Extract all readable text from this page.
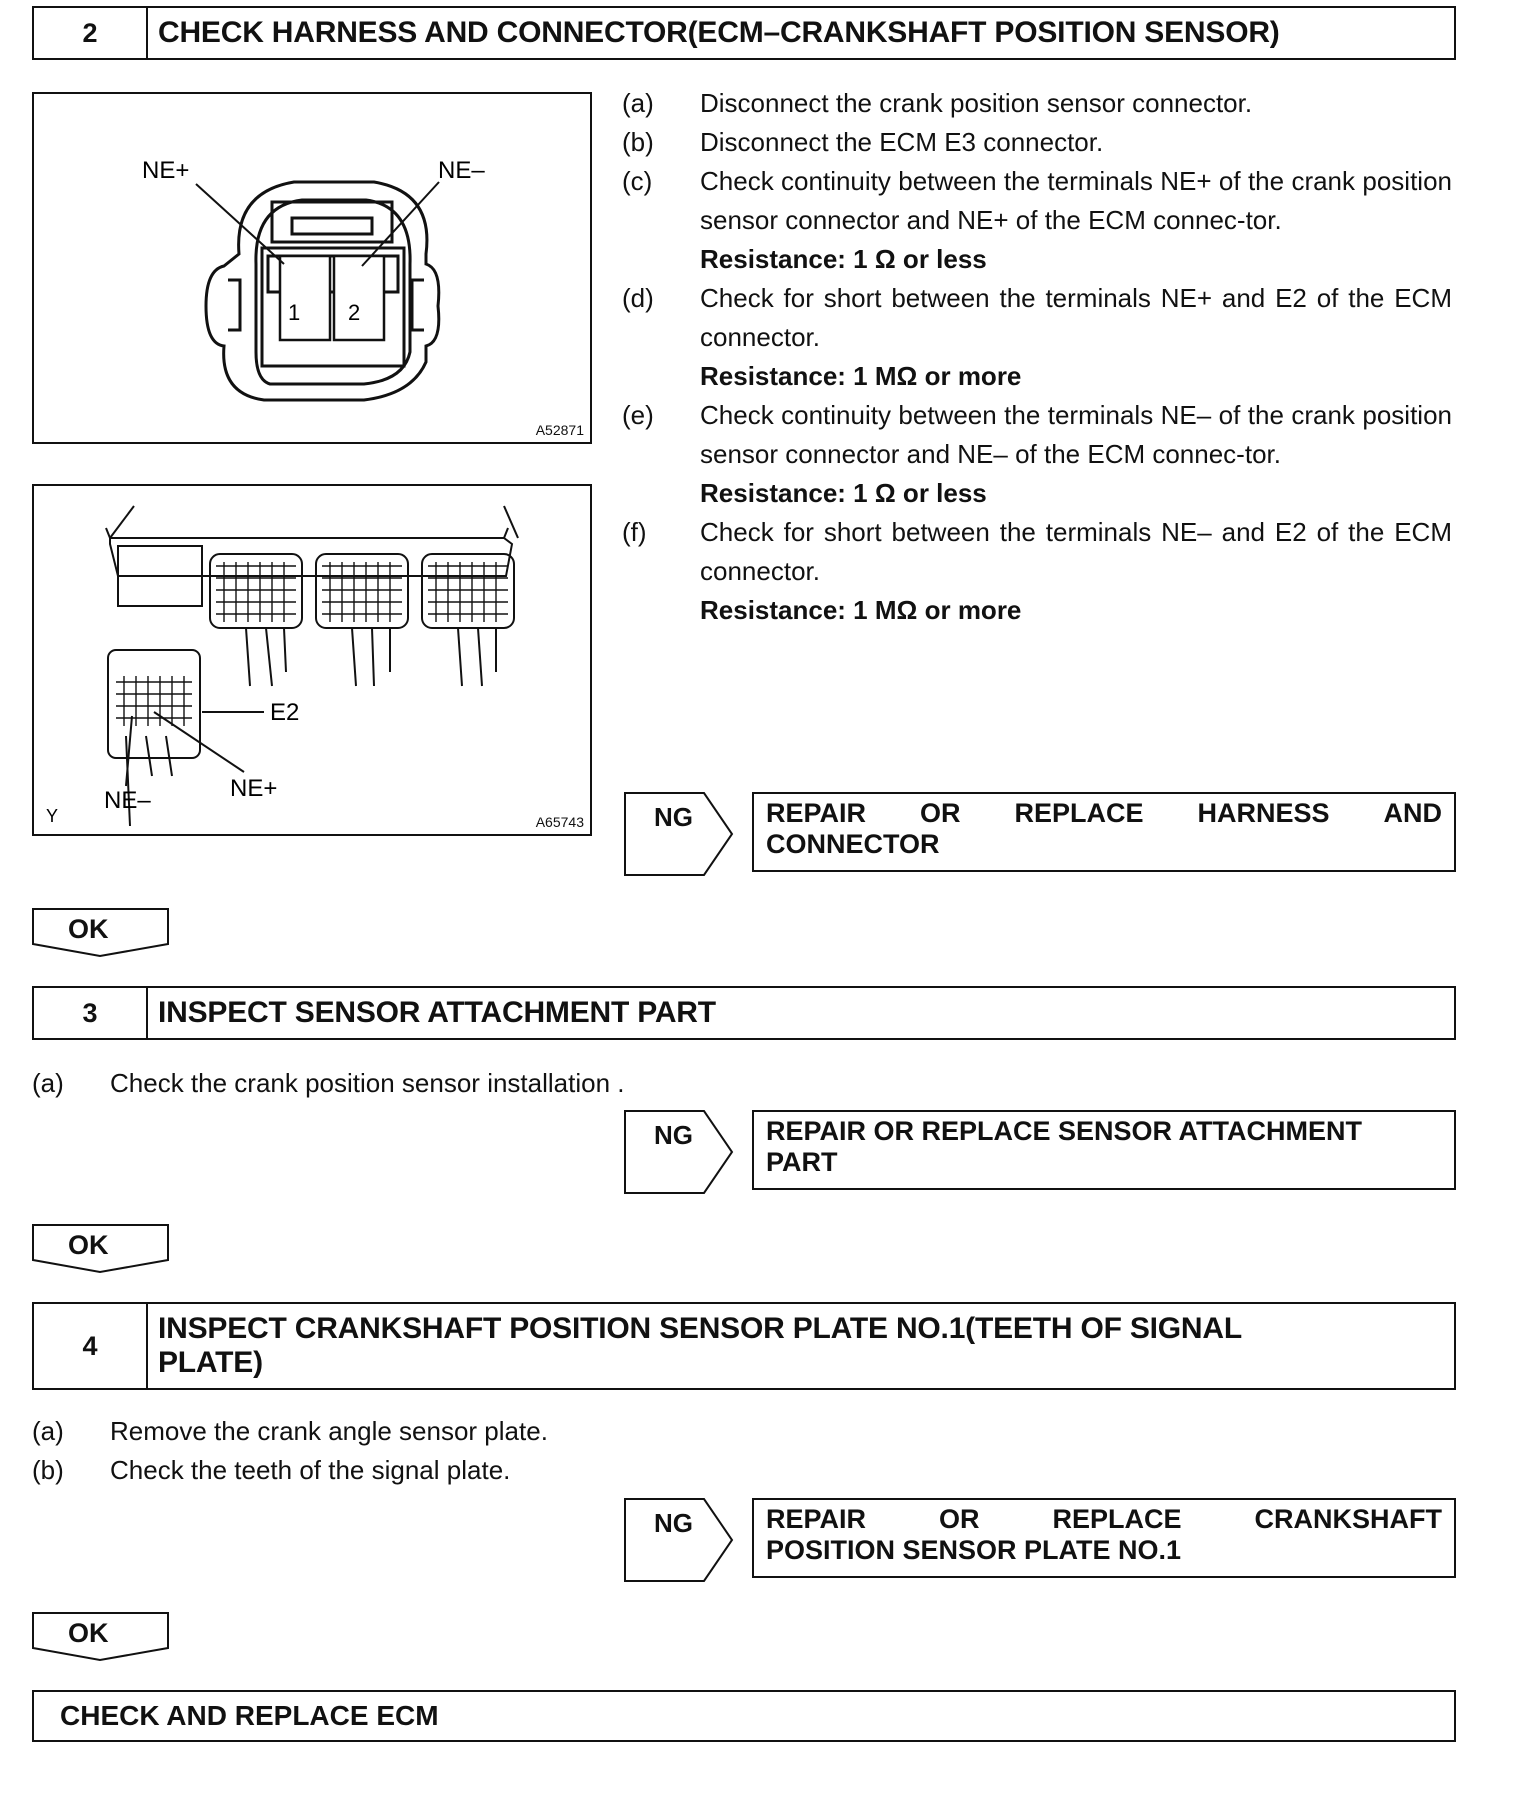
2	CHECK HARNESS AND CONNECTOR(ECM–CRANKSHAFT POSITION SENSOR)
1 2
NE+	NE–
A52871
E2
NE+
NE–
Y	A65743
(a)	Disconnect the crank position sensor connector.
(b)	Disconnect the ECM E3 connector.
(c)	Check continuity between the terminals NE+ of the crank position sensor connector and NE+ of the ECM connec-tor.
Resistance: 1 Ω or less
(d)	Check for short between the terminals NE+ and E2 of the ECM connector.
Resistance: 1 MΩ or more
(e)	Check continuity between the terminals NE– of the crank position sensor connector and NE– of the ECM connec-tor.
Resistance: 1 Ω or less
(f)	Check for short between the terminals NE– and E2 of the ECM connector.
Resistance: 1 MΩ or more
NG	REPAIR OR REPLACE HARNESS AND
CONNECTOR
OK
3	INSPECT SENSOR ATTACHMENT PART
(a)	Check the crank position sensor installation .
NG	REPAIR OR REPLACE SENSOR ATTACHMENT
PART
OK
4
INSPECT CRANKSHAFT POSITION SENSOR PLATE NO.1(TEETH OF SIGNAL
PLATE)
(a)	Remove the crank angle sensor plate.
(b)	Check the teeth of the signal plate.
NG	REPAIR	OR	REPLACE	CRANKSHAFT
POSITION SENSOR PLATE NO.1
OK
CHECK AND REPLACE ECM
